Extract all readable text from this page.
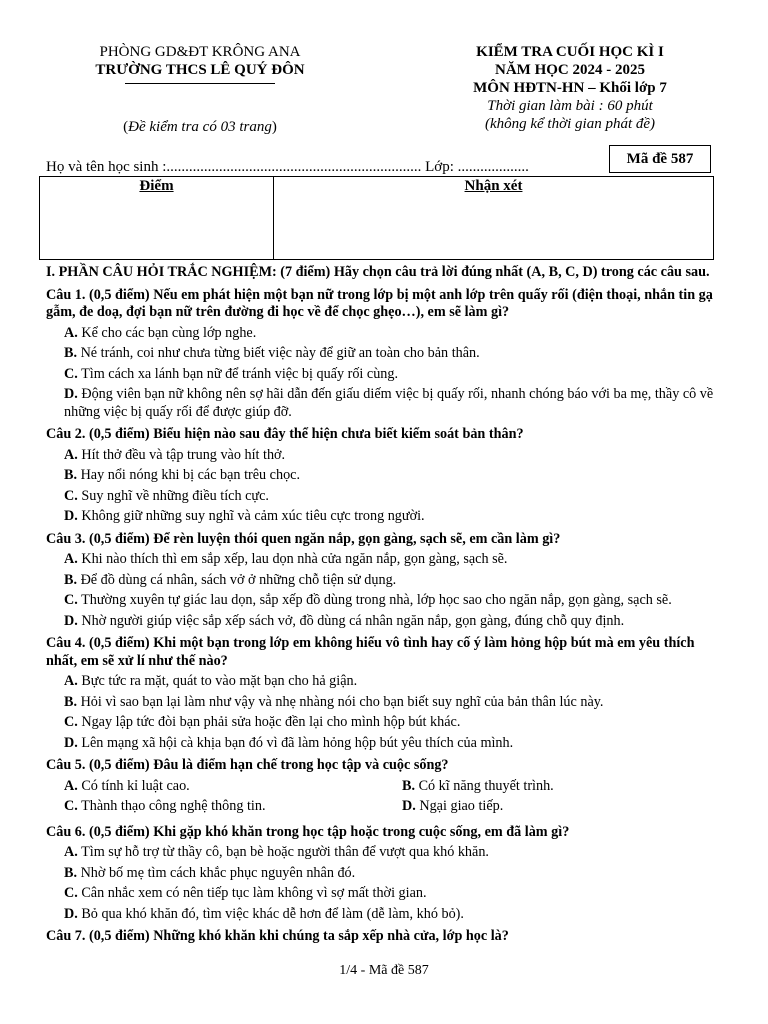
PHÒNG GD&ĐT KRÔNG ANA
TRƯỜNG THCS LÊ QUÝ ĐÔN
(Đề kiểm tra có 03 trang)
KIỂM TRA CUỐI HỌC KÌ I
NĂM HỌC 2024 - 2025
MÔN HĐTN-HN – Khối lớp 7
Thời gian làm bài : 60 phút
(không kể thời gian phát đề)
Mã đề 587
Họ và tên học sinh :.................................................................... Lớp: ...................
Điểm	Nhận xét
I. PHẦN CÂU HỎI TRẮC NGHIỆM: (7 điểm) Hãy chọn câu trả lời đúng nhất (A, B, C, D) trong các câu sau.
Câu 1. (0,5 điểm) Nếu em phát hiện một bạn nữ trong lớp bị một anh lớp trên quấy rối (điện thoại, nhắn tin gạ gẫm, đe doạ, đợi bạn nữ trên đường đi học về để chọc ghẹo…), em sẽ làm gì?
A. Kể cho các bạn cùng lớp nghe.
B. Né tránh, coi như chưa từng biết việc này để giữ an toàn cho bản thân.
C. Tìm cách xa lánh bạn nữ để tránh việc bị quấy rối cùng.
D. Động viên bạn nữ không nên sợ hãi dẫn đến giấu diếm việc bị quấy rối, nhanh chóng báo với ba mẹ, thầy cô về những việc bị quấy rối để được giúp đỡ.
Câu 2. (0,5 điểm) Biểu hiện nào sau đây thể hiện chưa biết kiểm soát bản thân?
A. Hít thở đều và tập trung vào hít thở.
B. Hay nổi nóng khi bị các bạn trêu chọc.
C. Suy nghĩ về những điều tích cực.
D. Không giữ những suy nghĩ và cảm xúc tiêu cực trong người.
Câu 3. (0,5 điểm) Để rèn luyện thói quen ngăn nắp, gọn gàng, sạch sẽ, em cần làm gì?
A. Khi nào thích thì em sắp xếp, lau dọn nhà cửa ngăn nắp, gọn gàng, sạch sẽ.
B. Để đồ dùng cá nhân, sách vở ở những chỗ tiện sử dụng.
C. Thường xuyên tự giác lau dọn, sắp xếp đồ dùng trong nhà, lớp học sao cho ngăn nắp, gọn gàng, sạch sẽ.
D. Nhờ người giúp việc sắp xếp sách vở, đồ dùng cá nhân ngăn nắp, gọn gàng, đúng chỗ quy định.
Câu 4. (0,5 điểm) Khi một bạn trong lớp em không hiểu vô tình hay cố ý làm hỏng hộp bút mà em yêu thích nhất, em sẽ xử lí như thế nào?
A. Bực tức ra mặt, quát to vào mặt bạn cho hả giận.
B. Hỏi vì sao bạn lại làm như vậy và nhẹ nhàng nói cho bạn biết suy nghĩ của bản thân lúc này.
C. Ngay lập tức đòi bạn phải sửa hoặc đền lại cho mình hộp bút khác.
D. Lên mạng xã hội cà khịa bạn đó vì đã làm hỏng hộp bút yêu thích của mình.
Câu 5. (0,5 điểm) Đâu là điểm hạn chế trong học tập và cuộc sống?
A. Có tính kỉ luật cao.	B. Có kĩ năng thuyết trình.
C. Thành thạo công nghệ thông tin.	D. Ngại giao tiếp.
Câu 6. (0,5 điểm) Khi gặp khó khăn trong học tập hoặc trong cuộc sống, em đã làm gì?
A. Tìm sự hỗ trợ từ thầy cô, bạn bè hoặc người thân để vượt qua khó khăn.
B. Nhờ bố mẹ tìm cách khắc phục nguyên nhân đó.
C. Cân nhắc xem có nên tiếp tục làm không vì sợ mất thời gian.
D. Bỏ qua khó khăn đó, tìm việc khác dễ hơn để làm (dễ làm, khó bỏ).
Câu 7. (0,5 điểm) Những khó khăn khi chúng ta sắp xếp nhà cửa, lớp học là?
1/4 - Mã đề 587
